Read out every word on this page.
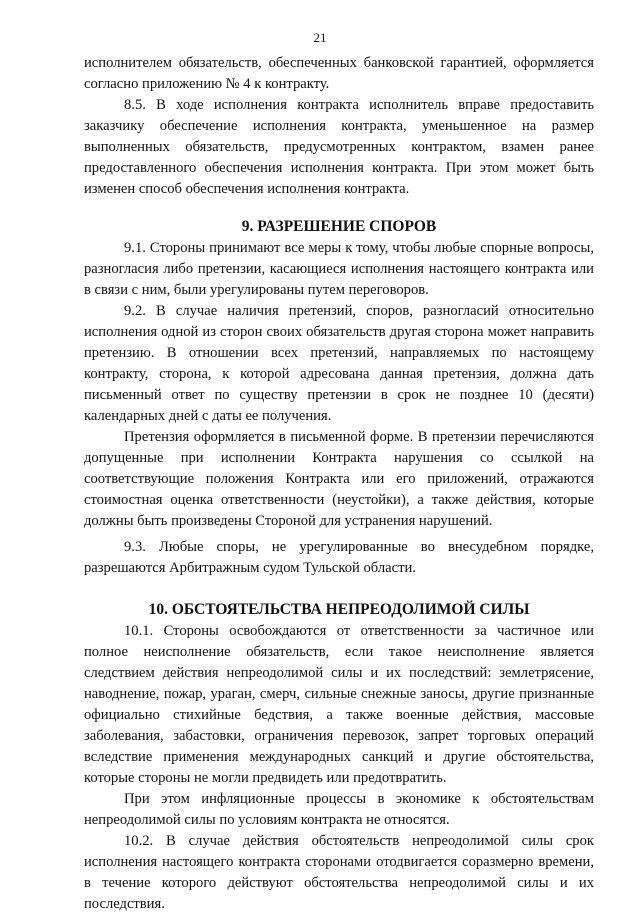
21

исполнителем обязательств, обеспеченных банковской гарантией, оформляется согласно приложению № 4 к контракту.

8.5. В ходе исполнения контракта исполнитель вправе предоставить заказчику обеспечение исполнения контракта, уменьшенное на размер выполненных обязательств, предусмотренных контрактом, взамен ранее предоставленного обеспечения исполнения контракта. При этом может быть изменен способ обеспечения исполнения контракта.

9. РАЗРЕШЕНИЕ СПОРОВ

9.1. Стороны принимают все меры к тому, чтобы любые спорные вопросы, разногласия либо претензии, касающиеся исполнения настоящего контракта или в связи с ним, были урегулированы путем переговоров.

9.2. В случае наличия претензий, споров, разногласий относительно исполнения одной из сторон своих обязательств другая сторона может направить претензию. В отношении всех претензий, направляемых по настоящему контракту, сторона, к которой адресована данная претензия, должна дать письменный ответ по существу претензии в срок не позднее 10 (десяти) календарных дней с даты ее получения.

Претензия оформляется в письменной форме. В претензии перечисляются допущенные при исполнении Контракта нарушения со ссылкой на соответствующие положения Контракта или его приложений, отражаются стоимостная оценка ответственности (неустойки), а также действия, которые должны быть произведены Стороной для устранения нарушений.

9.3. Любые споры, не урегулированные во внесудебном порядке, разрешаются Арбитражным судом Тульской области.

10. ОБСТОЯТЕЛЬСТВА НЕПРЕОДОЛИМОЙ СИЛЫ

10.1. Стороны освобождаются от ответственности за частичное или полное неисполнение обязательств, если такое неисполнение является следствием действия непреодолимой силы и их последствий: землетрясение, наводнение, пожар, ураган, смерч, сильные снежные заносы, другие признанные официально стихийные бедствия, а также военные действия, массовые заболевания, забастовки, ограничения перевозок, запрет торговых операций вследствие применения международных санкций и другие обстоятельства, которые стороны не могли предвидеть или предотвратить.

При этом инфляционные процессы в экономике к обстоятельствам непреодолимой силы по условиям контракта не относятся.

10.2. В случае действия обстоятельств непреодолимой силы срок исполнения настоящего контракта сторонами отодвигается соразмерно времени, в течение которого действуют обстоятельства непреодолимой силы и их последствия.
